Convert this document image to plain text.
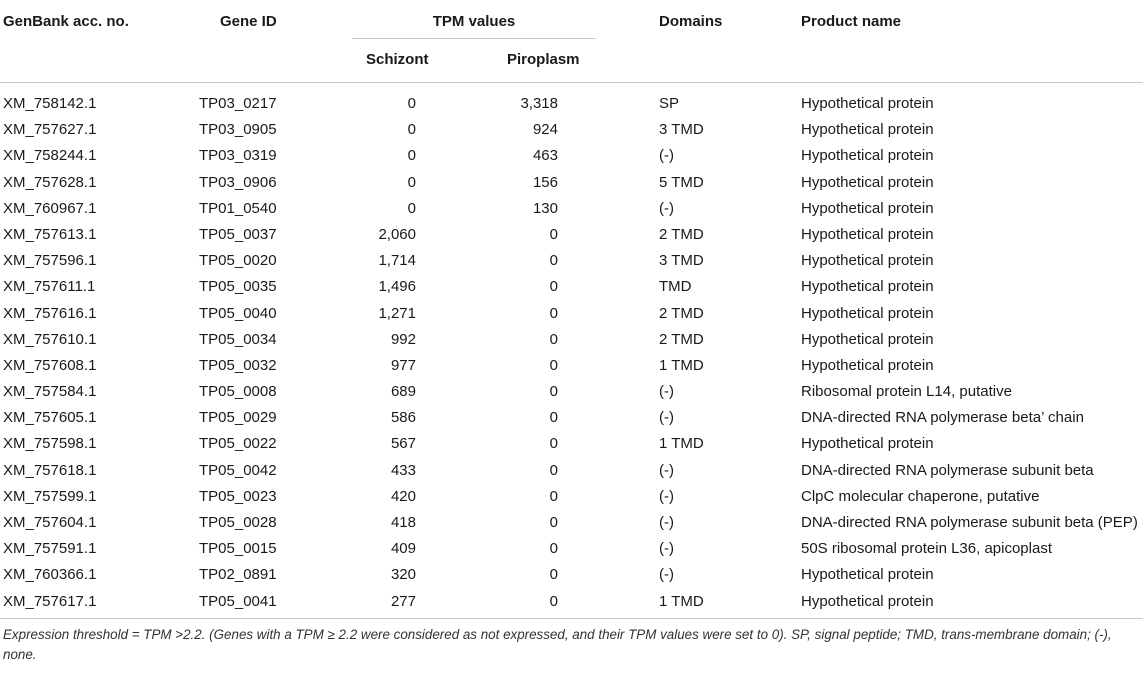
GenBank acc. no.	Gene ID	TPM values
Schizont	Piroplasm
Domains	Product name
XM_758142.1	TP03_0217	0	3,318	SP	Hypothetical protein
XM_757627.1	TP03_0905	0	924	3 TMD	Hypothetical protein
XM_758244.1	TP03_0319	0	463	(-)	Hypothetical protein
XM_757628.1	TP03_0906	0	156	5 TMD	Hypothetical protein
XM_760967.1	TP01_0540	0	130	(-)	Hypothetical protein
XM_757613.1	TP05_0037	2,060	0	2 TMD	Hypothetical protein
XM_757596.1	TP05_0020	1,714	0	3 TMD	Hypothetical protein
XM_757611.1	TP05_0035	1,496	0	TMD	Hypothetical protein
XM_757616.1	TP05_0040	1,271	0	2 TMD	Hypothetical protein
XM_757610.1	TP05_0034	992	0	2 TMD	Hypothetical protein
XM_757608.1	TP05_0032	977	0	1 TMD	Hypothetical protein
XM_757584.1	TP05_0008	689	0	(-)	Ribosomal protein L14, putative
XM_757605.1	TP05_0029	586	0	(-)	DNA-directed RNA polymerase beta’ chain
XM_757598.1	TP05_0022	567	0	1 TMD	Hypothetical protein
XM_757618.1	TP05_0042	433	0	(-)	DNA-directed RNA polymerase subunit beta
XM_757599.1	TP05_0023	420	0	(-)	ClpC molecular chaperone, putative
XM_757604.1	TP05_0028	418	0	(-)	DNA-directed RNA polymerase subunit beta (PEP)
XM_757591.1	TP05_0015	409	0	(-)	50S ribosomal protein L36, apicoplast
XM_760366.1	TP02_0891	320	0	(-)	Hypothetical protein
XM_757617.1	TP05_0041	277	0	1 TMD	Hypothetical protein
Expression threshold = TPM >2.2. (Genes with a TPM ≥ 2.2 were considered as not expressed, and their TPM values were set to 0). SP, signal peptide; TMD, trans-membrane domain; (-), none.
